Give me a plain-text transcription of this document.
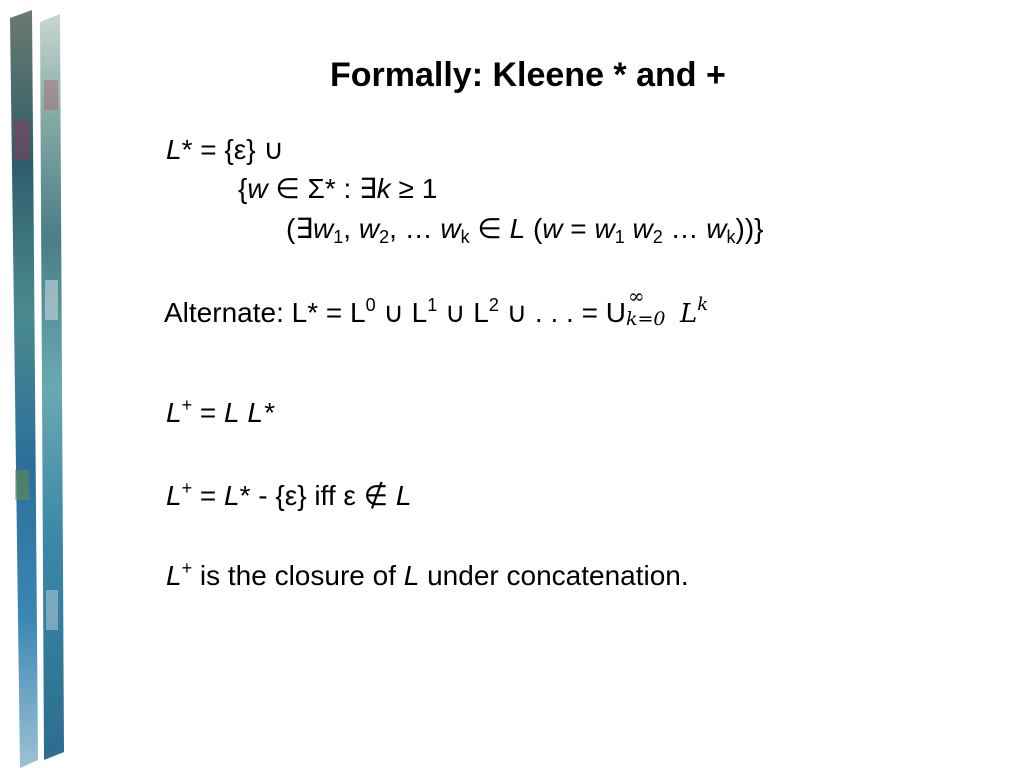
Formally: Kleene * and +
L* = {ε} ∪
{w ∈ Σ* : ∃k ≥ 1
($\exists w_1$, $w_2$, … $w_k$ ∈ L ($w = w_1$ $w_2$ … $w_k$))}
Alternate: $L* = L^0$ ∪ $L^1$ ∪ $L^2$ ∪ . . . = U
∞
k=0 $L^k$
L+ = L L*
L+ = L* - {ε} iff ε ∉ L
L+ is the closure of L under concatenation.
